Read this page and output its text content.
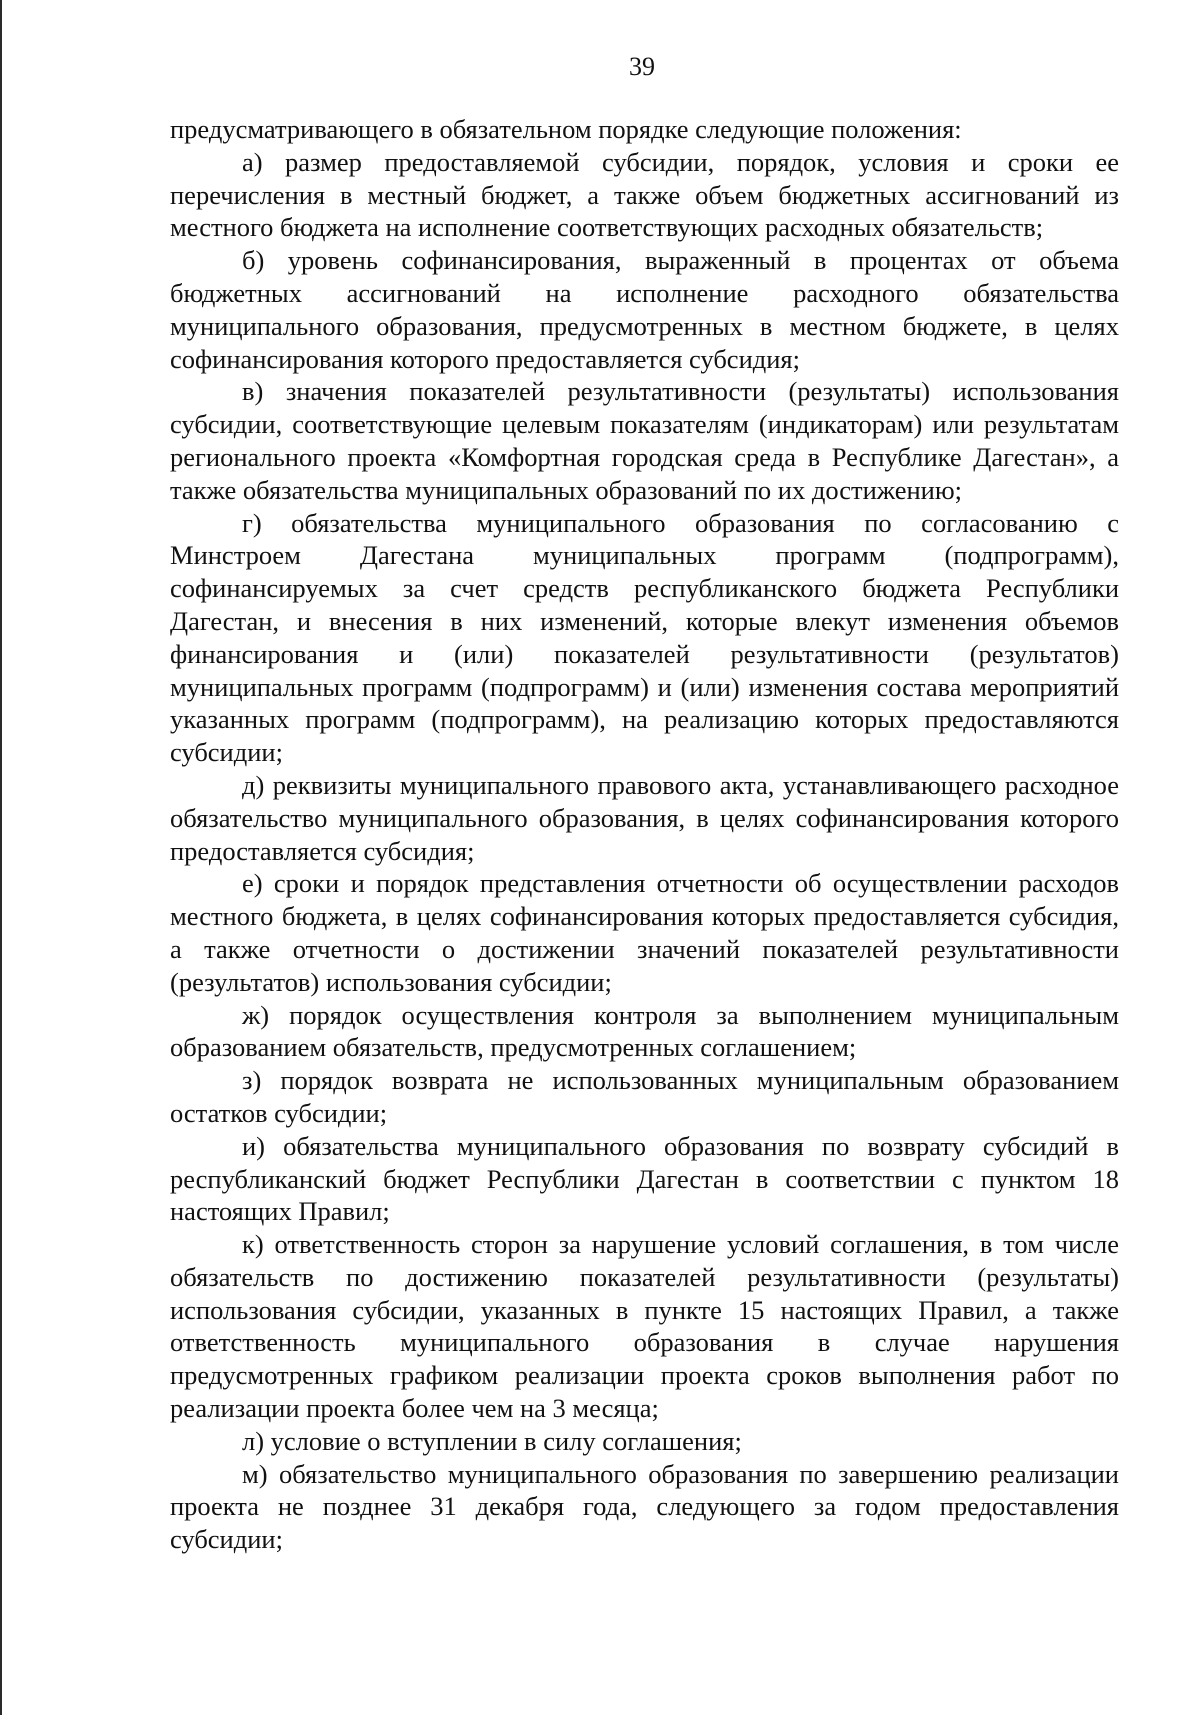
39

предусматривающего в обязательном порядке следующие положения:

а) размер предоставляемой субсидии, порядок, условия и сроки ее перечисления в местный бюджет, а также объем бюджетных ассигнований из местного бюджета на исполнение соответствующих расходных обязательств;

б) уровень софинансирования, выраженный в процентах от объема бюджетных ассигнований на исполнение расходного обязательства муниципального образования, предусмотренных в местном бюджете, в целях софинансирования которого предоставляется субсидия;

в) значения показателей результативности (результаты) использования субсидии, соответствующие целевым показателям (индикаторам) или результатам регионального проекта «Комфортная городская среда в Республике Дагестан», а также обязательства муниципальных образований по их достижению;

г) обязательства муниципального образования по согласованию с Минстроем Дагестана муниципальных программ (подпрограмм), софинансируемых за счет средств республиканского бюджета Республики Дагестан, и внесения в них изменений, которые влекут изменения объемов финансирования и (или) показателей результативности (результатов) муниципальных программ (подпрограмм) и (или) изменения состава мероприятий указанных программ (подпрограмм), на реализацию которых предоставляются субсидии;

д) реквизиты муниципального правового акта, устанавливающего расходное обязательство муниципального образования, в целях софинансирования которого предоставляется субсидия;

е) сроки и порядок представления отчетности об осуществлении расходов местного бюджета, в целях софинансирования которых предоставляется субсидия, а также отчетности о достижении значений показателей результативности (результатов) использования субсидии;

ж) порядок осуществления контроля за выполнением муниципальным образованием обязательств, предусмотренных соглашением;

з) порядок возврата не использованных муниципальным образованием остатков субсидии;

и) обязательства муниципального образования по возврату субсидий в республиканский бюджет Республики Дагестан в соответствии с пунктом 18 настоящих Правил;

к) ответственность сторон за нарушение условий соглашения, в том числе обязательств по достижению показателей результативности (результаты) использования субсидии, указанных в пункте 15 настоящих Правил, а также ответственность муниципального образования в случае нарушения предусмотренных графиком реализации проекта сроков выполнения работ по реализации проекта более чем на 3 месяца;

л) условие о вступлении в силу соглашения;

м) обязательство муниципального образования по завершению реализации проекта не позднее 31 декабря года, следующего за годом предоставления субсидии;
